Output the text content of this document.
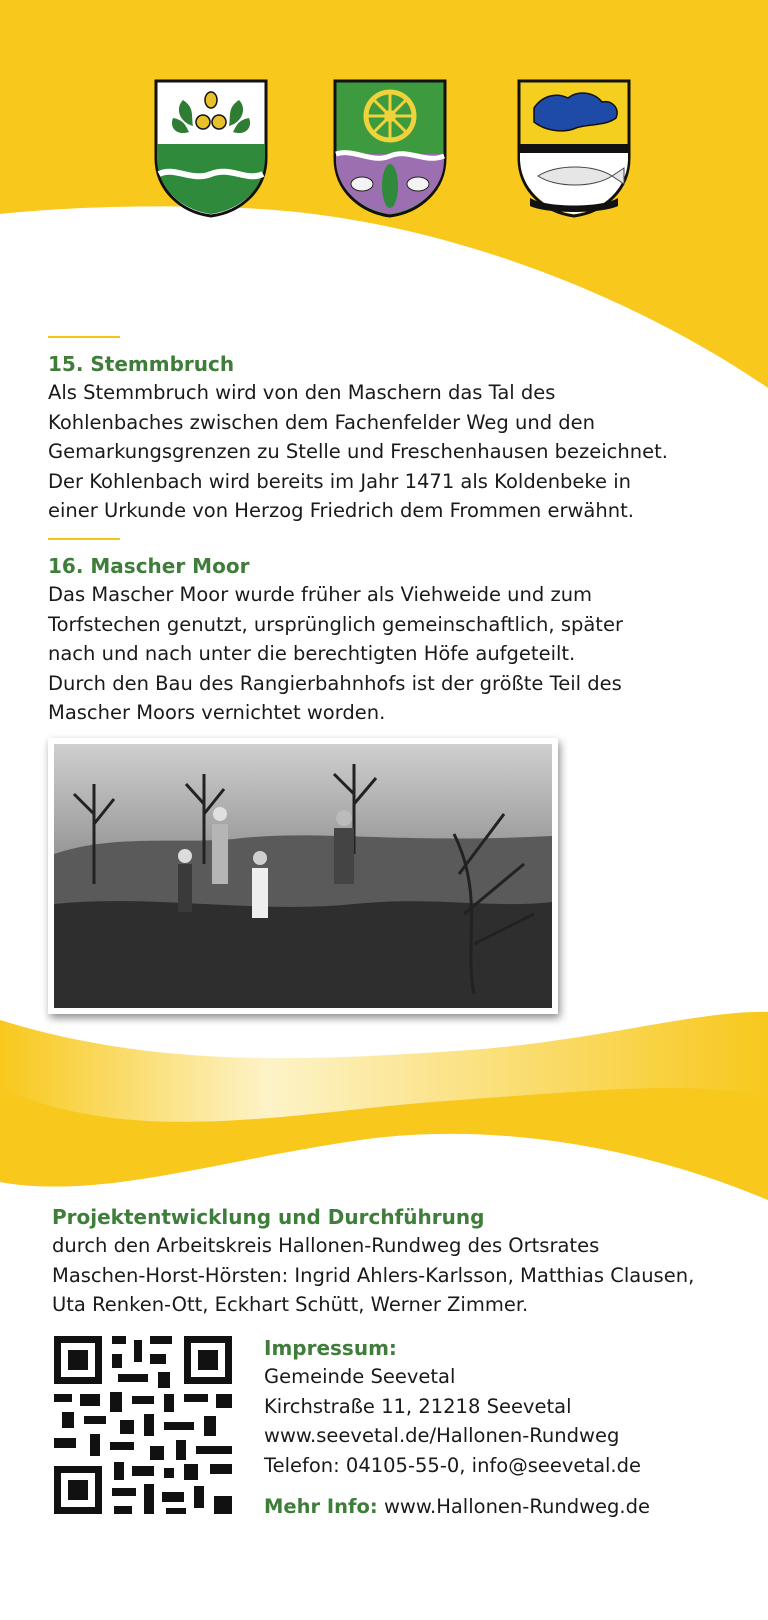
15. Stemmbruch
Als Stemmbruch wird von den Maschern das Tal des
Kohlenbaches zwischen dem Fachenfelder Weg und den
Gemarkungsgrenzen zu Stelle und Freschenhausen bezeichnet.
Der Kohlenbach wird bereits im Jahr 1471 als Koldenbeke in
einer Urkunde von Herzog Friedrich dem Frommen erwähnt.
16. Mascher Moor
Das Mascher Moor wurde früher als Viehweide und zum
Torfstechen genutzt, ursprünglich gemeinschaftlich, später
nach und nach unter die berechtigten Höfe aufgeteilt.
Durch den Bau des Rangierbahnhofs ist der größte Teil des
Mascher Moors vernichtet worden.
Projektentwicklung und Durchführung
durch den Arbeitskreis Hallonen-Rundweg des Ortsrates
Maschen-Horst-Hörsten: Ingrid Ahlers-Karlsson, Matthias Clausen,
Uta Renken-Ott, Eckhart Schütt, Werner Zimmer.
Impressum:
Gemeinde Seevetal
Kirchstraße 11, 21218 Seevetal
www.seevetal.de/Hallonen-Rundweg
Telefon: 04105-55-0, info@seevetal.de
Mehr Info: www.Hallonen-Rundweg.de
